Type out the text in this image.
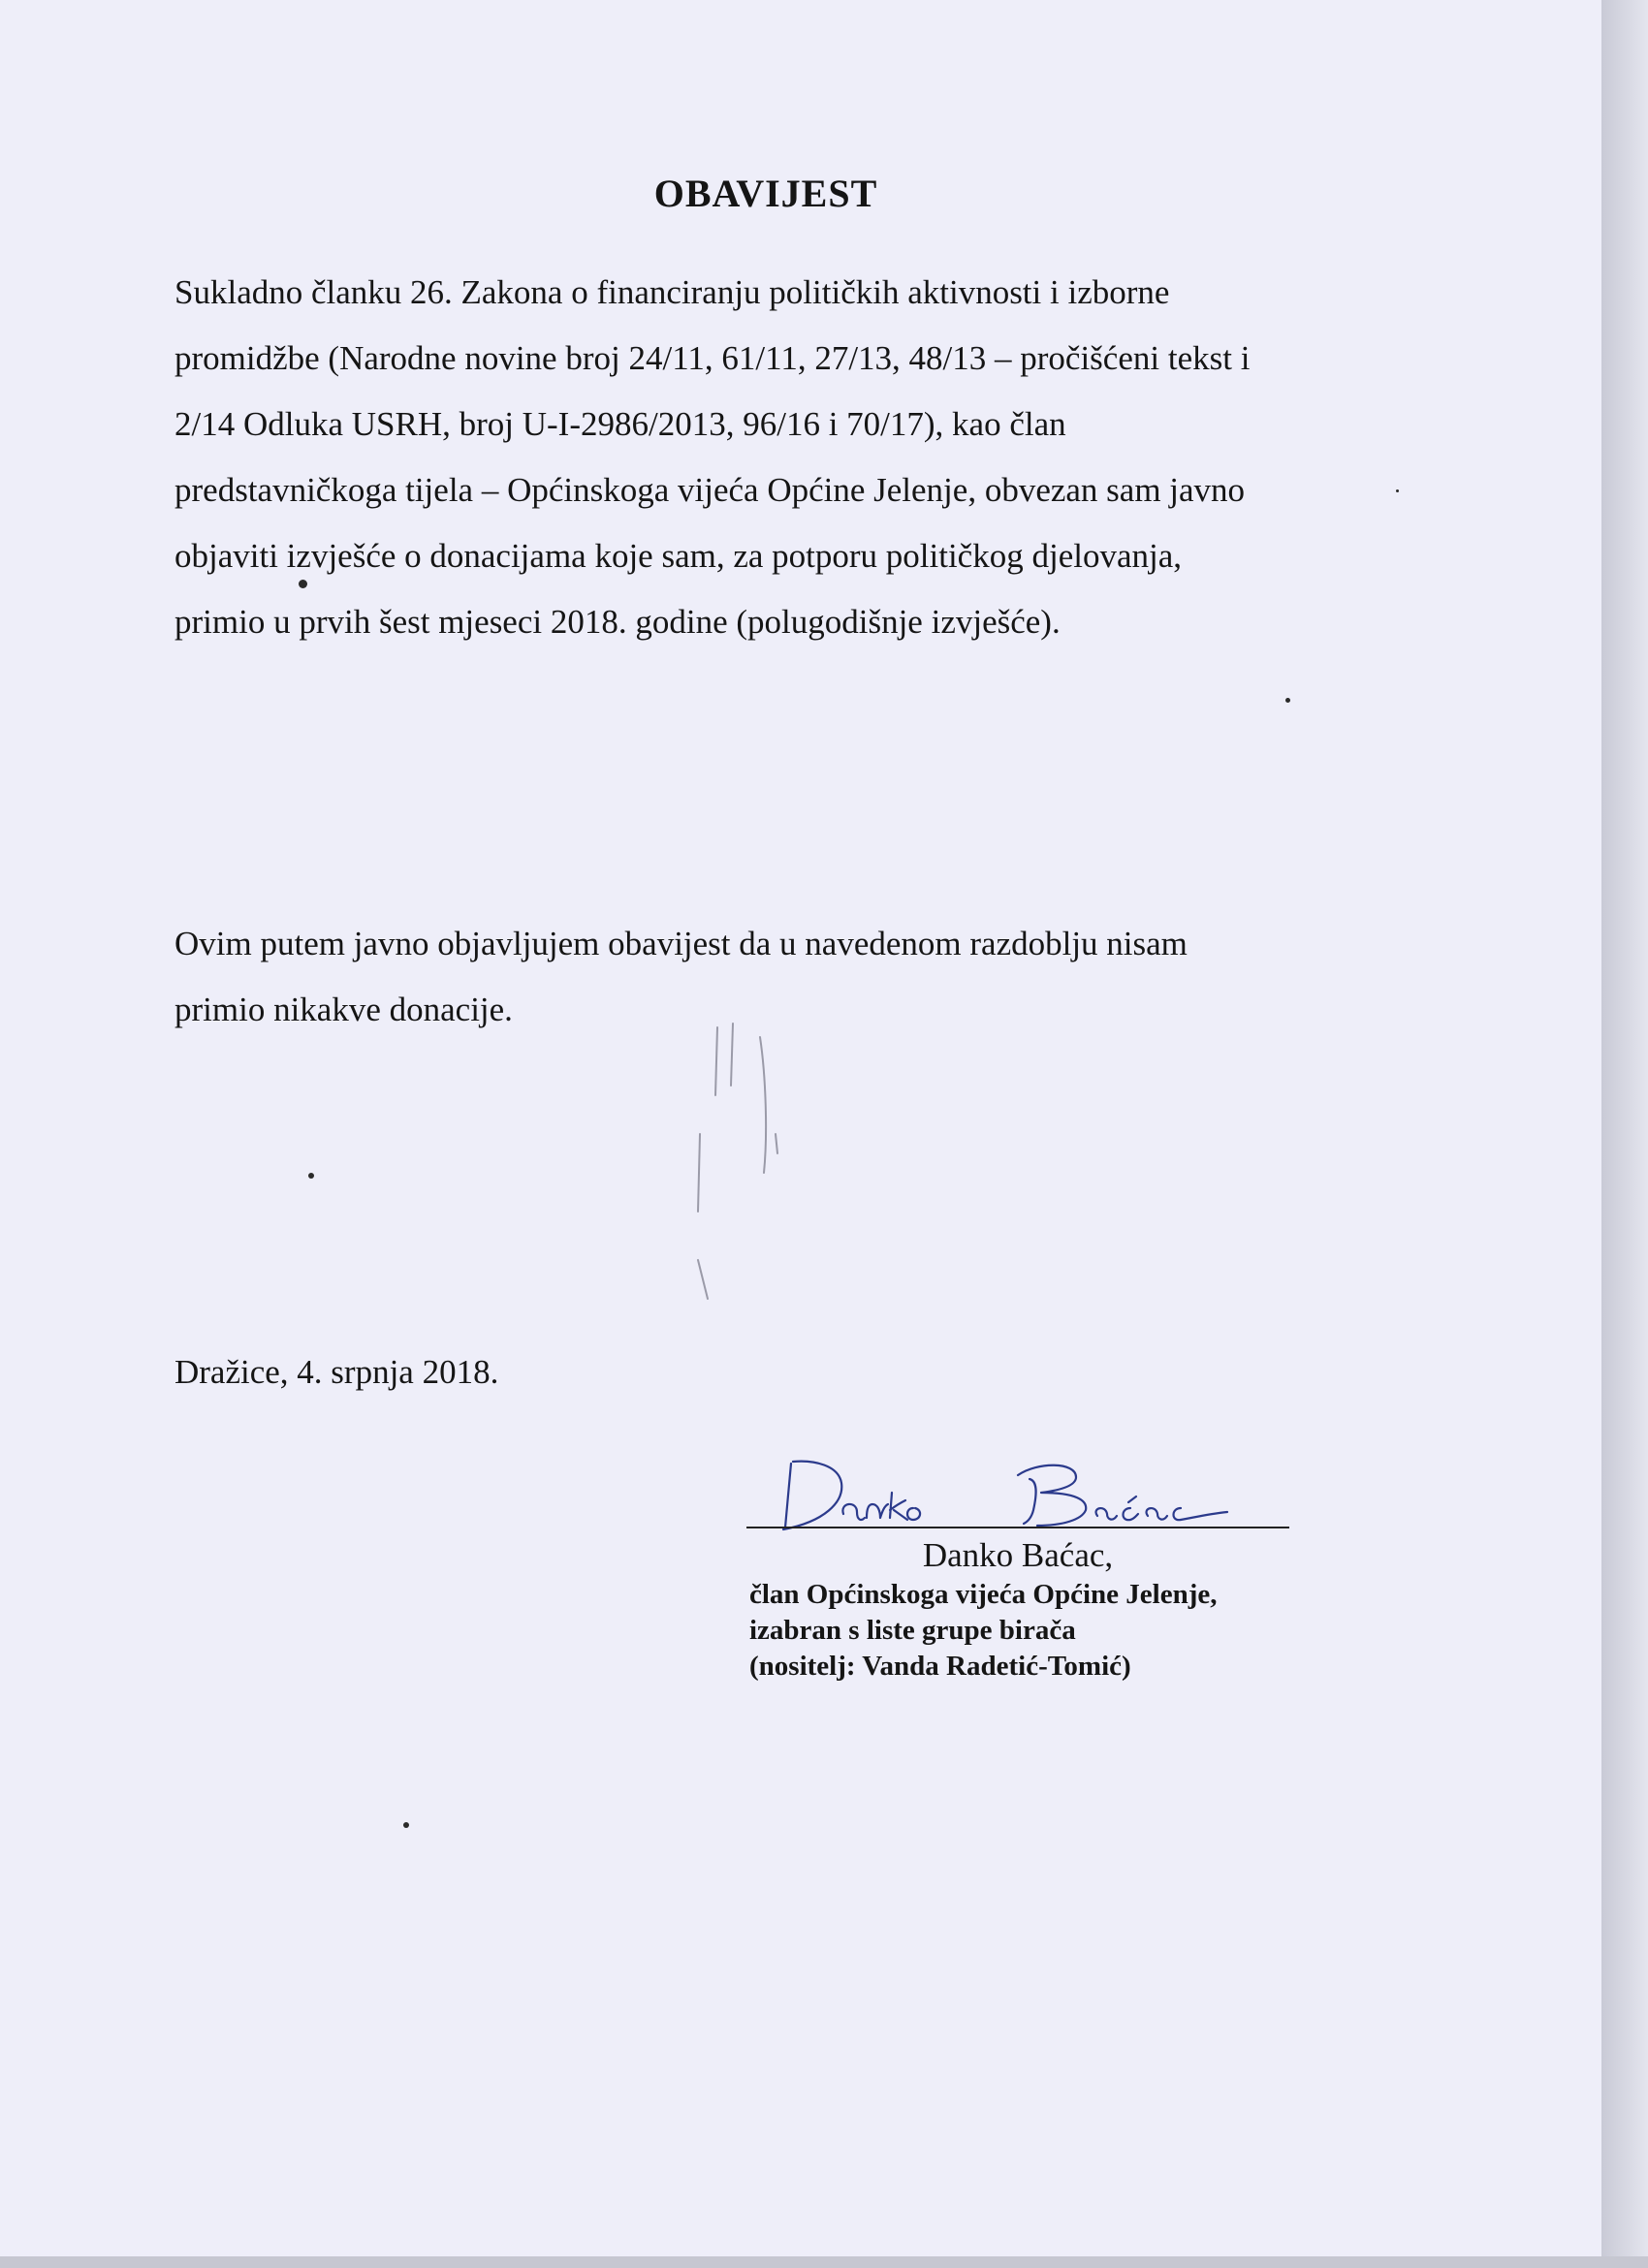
OBAVIJEST

Sukladno članku 26. Zakona o financiranju političkih aktivnosti i izborne
promidžbe (Narodne novine broj 24/11, 61/11, 27/13, 48/13 – pročišćeni tekst i
2/14 Odluka USRH, broj U-I-2986/2013, 96/16 i 70/17), kao član
predstavničkoga tijela – Općinskoga vijeća Općine Jelenje, obvezan sam javno
objaviti izvješće o donacijama koje sam, za potporu političkog djelovanja,
primio u prvih šest mjeseci 2018. godine (polugodišnje izvješće).

Ovim putem javno objavljujem obavijest da u navedenom razdoblju nisam
primio nikakve donacije.

Dražice, 4. srpnja 2018.
Danko Baćac,
član Općinskoga vijeća Općine Jelenje,
izabran s liste grupe birača
(nositelj: Vanda Radetić-Tomić)
